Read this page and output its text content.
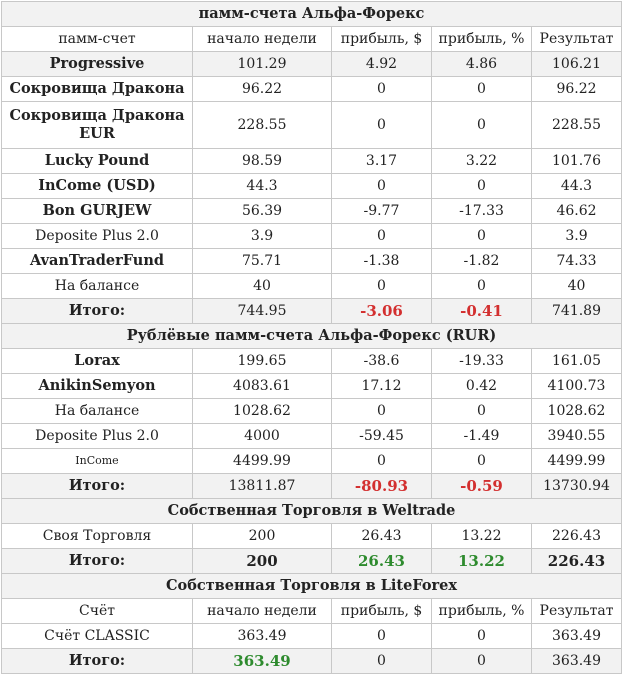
памм-счета Альфа-Форекс				
памм-счет	начало недели	прибыль, $	прибыль, %	Результат
Progressive	101.29	4.92	4.86	106.21
Сокровища Дракона	96.22	0	0	96.22
Сокровища Дракона EUR	228.55	0	0	228.55
Lucky Pound	98.59	3.17	3.22	101.76
InCome (USD)	44.3	0	0	44.3
Bon GURJEW	56.39	-9.77	-17.33	46.62
Deposite Plus 2.0	3.9	0	0	3.9
AvanTraderFund	75.71	-1.38	-1.82	74.33
На балансе	40	0	0	40
Итого:	744.95	-3.06	-0.41	741.89
Рублёвые памм-счета Альфа-Форекс (RUR)				
Lorax	199.65	-38.6	-19.33	161.05
AnikinSemyon	4083.61	17.12	0.42	4100.73
На балансе	1028.62	0	0	1028.62
Deposite Plus 2.0	4000	-59.45	-1.49	3940.55
InCome	4499.99	0	0	4499.99
Итого:	13811.87	-80.93	-0.59	13730.94
Собственная Торговля в Weltrade				
Своя Торговля	200	26.43	13.22	226.43
Итого:	200	26.43	13.22	226.43
Собственная Торговля в LiteForex				
Счёт	начало недели	прибыль, $	прибыль, %	Результат
Счёт CLASSIC	363.49	0	0	363.49
Итого:	363.49	0	0	363.49
